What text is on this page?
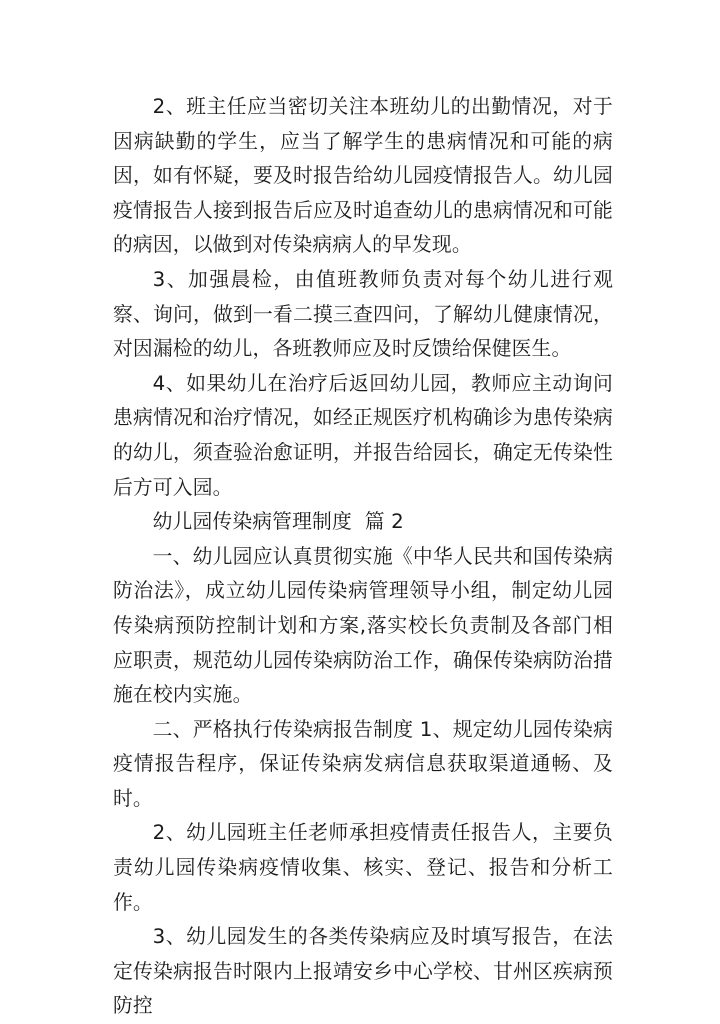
2、班主任应当密切关注本班幼儿的出勤情况，对于因病缺勤的学生，应当了解学生的患病情况和可能的病因，如有怀疑，要及时报告给幼儿园疫情报告人。幼儿园疫情报告人接到报告后应及时追查幼儿的患病情况和可能的病因，以做到对传染病病人的早发现。

3、加强晨检，由值班教师负责对每个幼儿进行观察、询问，做到一看二摸三查四问，了解幼儿健康情况，对因漏检的幼儿，各班教师应及时反馈给保健医生。

4、如果幼儿在治疗后返回幼儿园，教师应主动询问患病情况和治疗情况，如经正规医疗机构确诊为患传染病的幼儿，须查验治愈证明，并报告给园长，确定无传染性后方可入园。

幼儿园传染病管理制度  篇 2

一、幼儿园应认真贯彻实施《中华人民共和国传染病防治法》，成立幼儿园传染病管理领导小组，制定幼儿园传染病预防控制计划和方案,落实校长负责制及各部门相应职责，规范幼儿园传染病防治工作，确保传染病防治措施在校内实施。

二、严格执行传染病报告制度 1、规定幼儿园传染病疫情报告程序，保证传染病发病信息获取渠道通畅、及时。

2、幼儿园班主任老师承担疫情责任报告人，主要负责幼儿园传染病疫情收集、核实、登记、报告和分析工作。

3、幼儿园发生的各类传染病应及时填写报告，在法定传染病报告时限内上报靖安乡中心学校、甘州区疾病预防控
